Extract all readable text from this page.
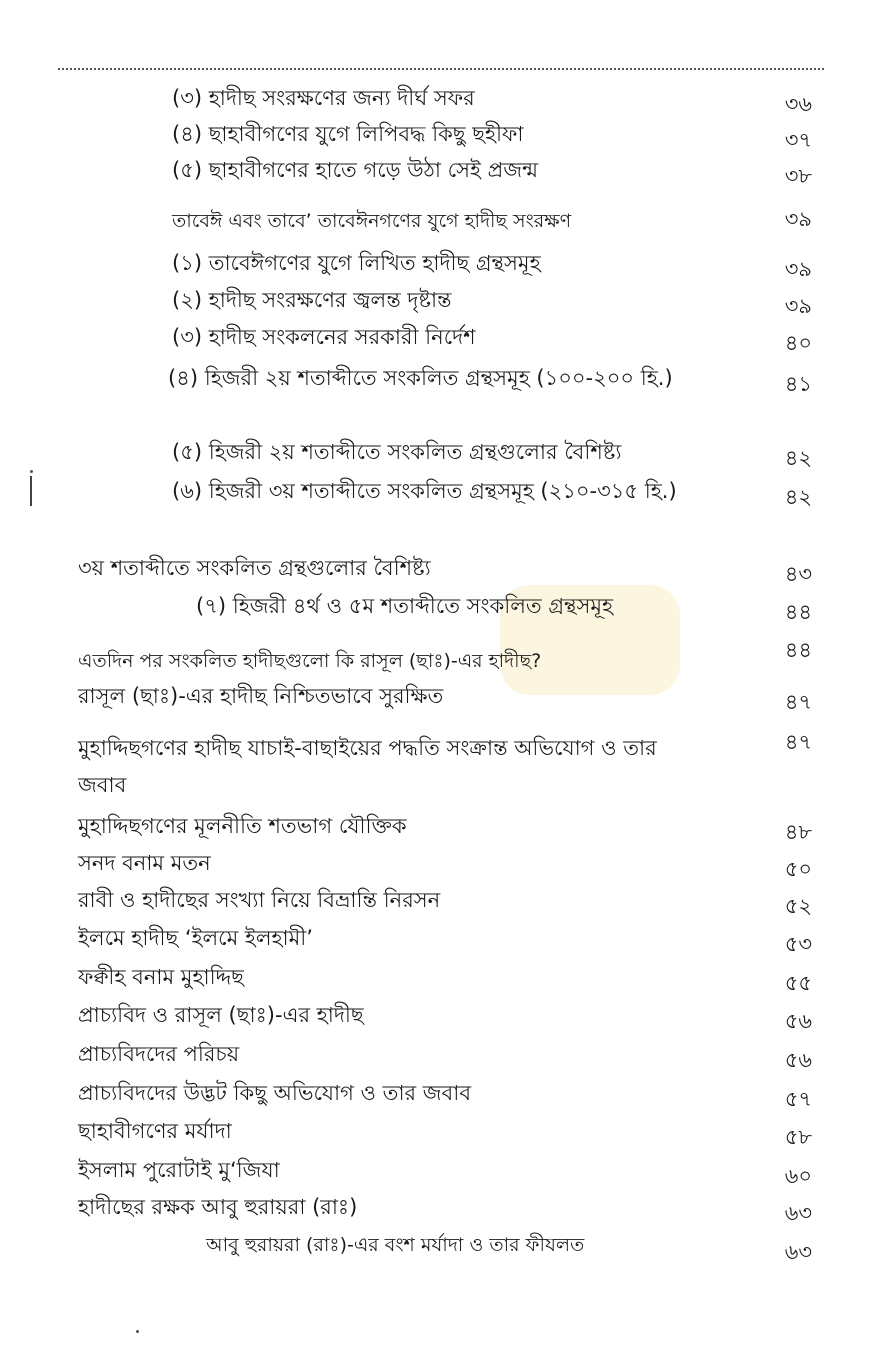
(৩) হাদীছ সংরক্ষণের জন্য দীর্ঘ সফর	৩৬
(৪) ছাহাবীগণের যুগে লিপিবদ্ধ কিছু ছহীফা	৩৭
(৫) ছাহাবীগণের হাতে গড়ে উঠা সেই প্রজন্ম	৩৮
তাবেঈ এবং তাবে’ তাবেঈনগণের যুগে হাদীছ সংরক্ষণ	৩৯
(১) তাবেঈগণের যুগে লিখিত হাদীছ গ্রন্থসমূহ	৩৯
(২) হাদীছ সংরক্ষণের জ্বলন্ত দৃষ্টান্ত	৩৯
(৩) হাদীছ সংকলনের সরকারী নির্দেশ	৪০
(৪) হিজরী ২য় শতাব্দীতে সংকলিত গ্রন্থসমূহ (১০০-২০০ হি.)	৪১
(৫) হিজরী ২য় শতাব্দীতে সংকলিত গ্রন্থগুলোর বৈশিষ্ট্য	৪২
(৬) হিজরী ৩য় শতাব্দীতে সংকলিত গ্রন্থসমূহ (২১০-৩১৫ হি.)	৪২
৩য় শতাব্দীতে সংকলিত গ্রন্থগুলোর বৈশিষ্ট্য	৪৩
(৭) হিজরী ৪র্থ ও ৫ম শতাব্দীতে সংকলিত গ্রন্থসমূহ	৪৪
এতদিন পর সংকলিত হাদীছগুলো কি রাসূল (ছাঃ)-এর হাদীছ?	৪৪
রাসূল (ছাঃ)-এর হাদীছ নিশ্চিতভাবে সুরক্ষিত	৪৭
মুহাদ্দিছগণের হাদীছ যাচাই-বাছাইয়ের পদ্ধতি সংক্রান্ত অভিযোগ ও তার জবাব
৪৭
মুহাদ্দিছগণের মূলনীতি শতভাগ যৌক্তিক	৪৮
সনদ বনাম মতন	৫০
রাবী ও হাদীছের সংখ্যা নিয়ে বিভ্রান্তি নিরসন	৫২
ইলমে হাদীছ ‘ইলমে ইলহামী’	৫৩
ফক্বীহ বনাম মুহাদ্দিছ	৫৫
প্রাচ্যবিদ ও রাসূল (ছাঃ)-এর হাদীছ	৫৬
প্রাচ্যবিদদের পরিচয়	৫৬
প্রাচ্যবিদদের উদ্ভট কিছু অভিযোগ ও তার জবাব	৫৭
ছাহাবীগণের মর্যাদা	৫৮
ইসলাম পুরোটাই মু‘জিযা	৬০
হাদীছের রক্ষক আবু হুরায়রা (রাঃ)	৬৩
আবু হুরায়রা (রাঃ)-এর বংশ মর্যাদা ও তার ফীযলত	৬৩
